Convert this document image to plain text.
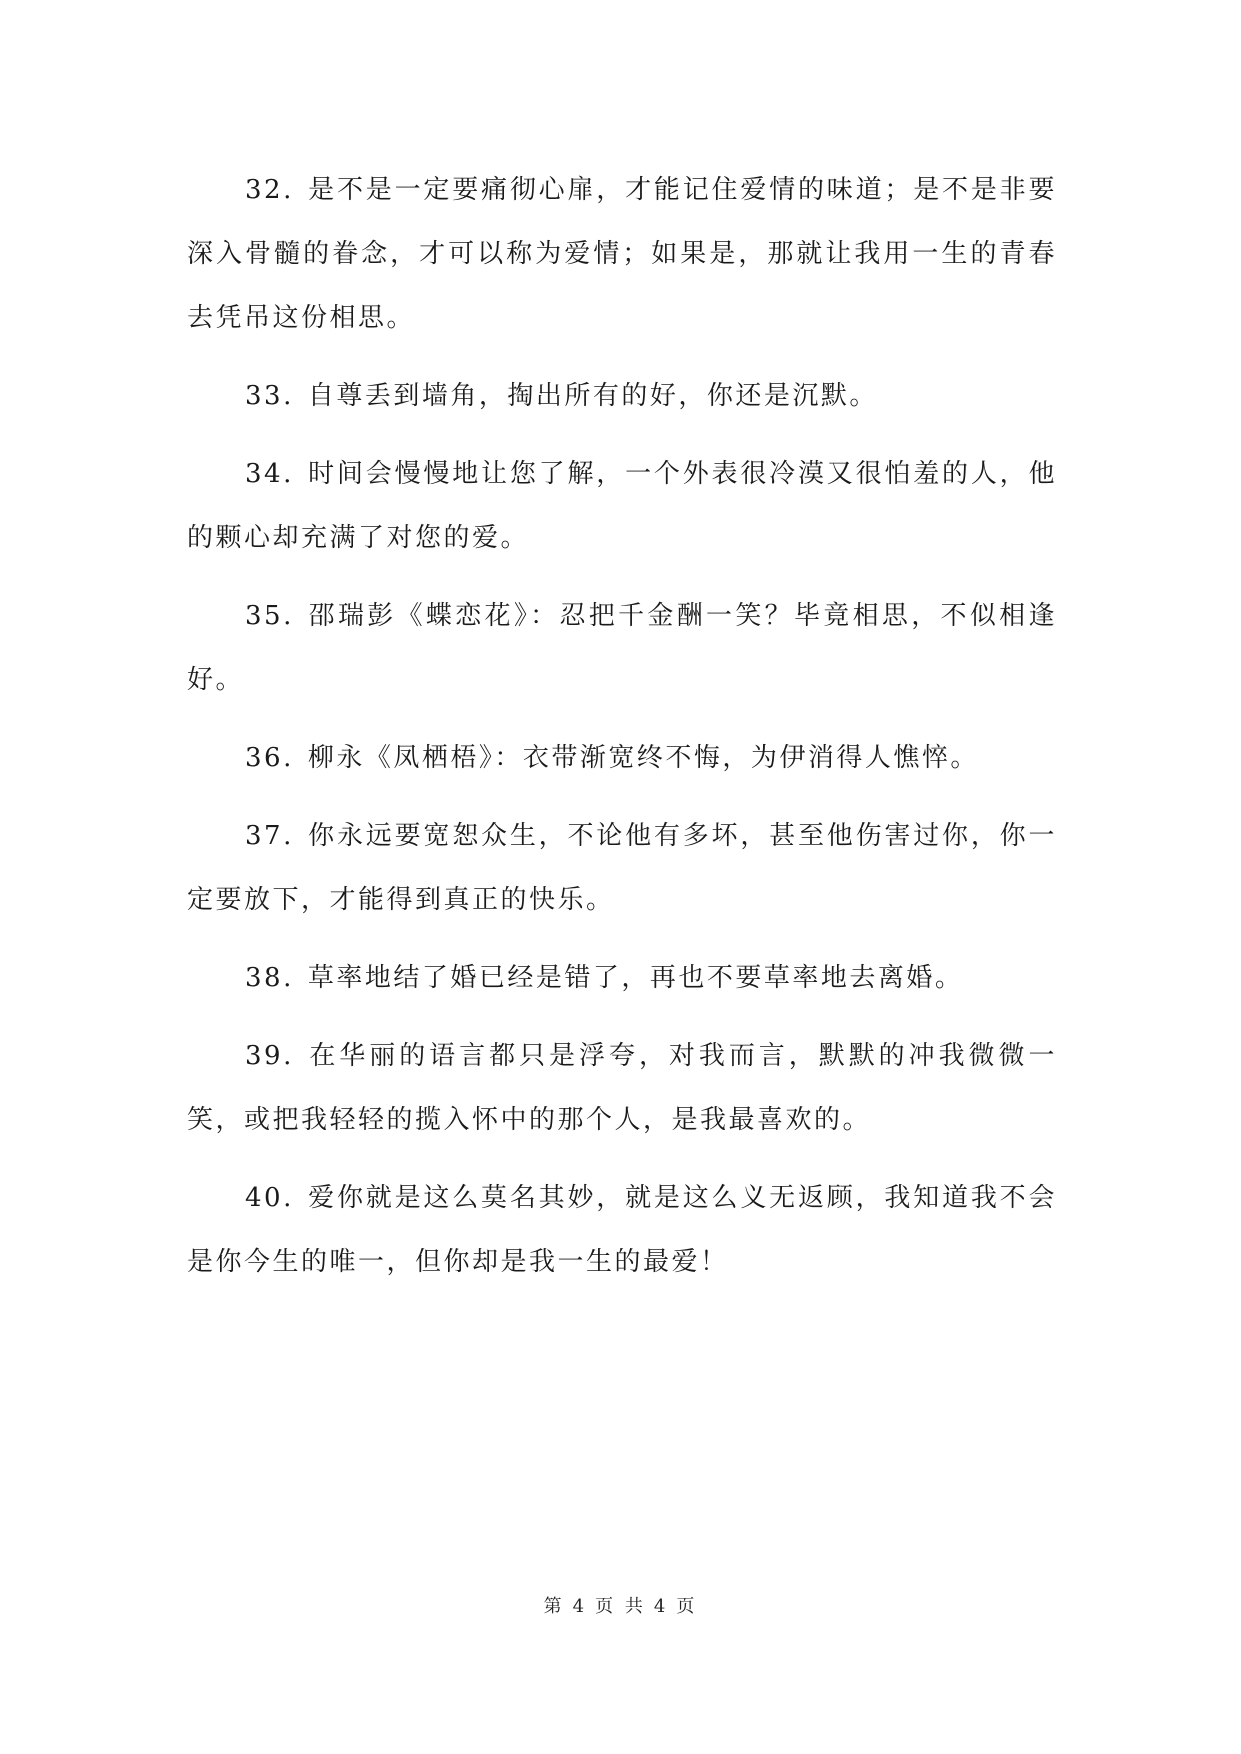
32. 是不是一定要痛彻心扉，才能记住爱情的味道；是不是非要深入骨髓的眷念，才可以称为爱情；如果是，那就让我用一生的青春去凭吊这份相思。

33. 自尊丢到墙角，掏出所有的好，你还是沉默。

34. 时间会慢慢地让您了解，一个外表很冷漠又很怕羞的人，他的颗心却充满了对您的爱。

35. 邵瑞彭《蝶恋花》：忍把千金酬一笑？毕竟相思，不似相逢好。

36. 柳永《凤栖梧》：衣带渐宽终不悔，为伊消得人憔悴。

37. 你永远要宽恕众生，不论他有多坏，甚至他伤害过你，你一定要放下，才能得到真正的快乐。

38. 草率地结了婚已经是错了，再也不要草率地去离婚。

39. 在华丽的语言都只是浮夸，对我而言，默默的冲我微微一笑，或把我轻轻的揽入怀中的那个人，是我最喜欢的。

40. 爱你就是这么莫名其妙，就是这么义无返顾，我知道我不会是你今生的唯一，但你却是我一生的最爱！

第 4 页 共 4 页
